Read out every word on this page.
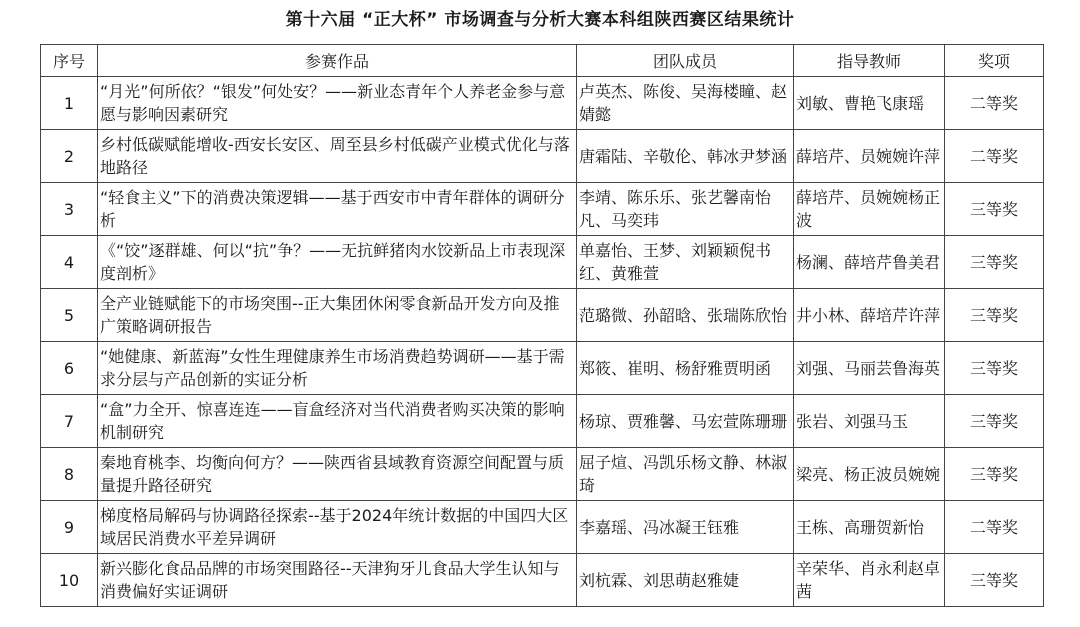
第十六届 “正大杯” 市场调查与分析大赛本科组陕西赛区结果统计
序号	参赛作品	团队成员	指导教师	奖项
1	“月光”何所依？“银发”何处安？——新业态青年个人养老金参与意愿与影响因素研究	卢英杰、陈俊、吴海楼瞳、赵婧懿	刘敏、曹艳飞康瑶	二等奖
2	乡村低碳赋能增收-西安长安区、周至县乡村低碳产业模式优化与落地路径	唐霜陆、辛敬伦、韩冰尹梦涵	薛培芹、员婉婉许萍	二等奖
3	“轻食主义”下的消费决策逻辑——基于西安市中青年群体的调研分析	李靖、陈乐乐、张艺馨南怡凡、马奕玮	薛培芹、员婉婉杨正波	三等奖
4	《“饺”逐群雄、何以“抗”争？——无抗鲜猪肉水饺新品上市表现深度剖析》	单嘉怡、王梦、刘颖颖倪书红、黄雅萱	杨澜、薛培芹鲁美君	三等奖
5	全产业链赋能下的市场突围--正大集团休闲零食新品开发方向及推广策略调研报告	范璐微、孙韶晗、张瑞陈欣怡	井小林、薛培芹许萍	三等奖
6	“她健康、新蓝海”女性生理健康养生市场消费趋势调研——基于需求分层与产品创新的实证分析	郑筱、崔明、杨舒雅贾明函	刘强、马丽芸鲁海英	三等奖
7	“盒”力全开、惊喜连连——盲盒经济对当代消费者购买决策的影响机制研究	杨琼、贾雅馨、马宏萱陈珊珊	张岩、刘强马玉	三等奖
8	秦地育桃李、均衡向何方？——陕西省县域教育资源空间配置与质量提升路径研究	屈子煊、冯凯乐杨文静、林淑琦	梁亮、杨正波员婉婉	三等奖
9	梯度格局解码与协调路径探索--基于2024年统计数据的中国四大区域居民消费水平差异调研	李嘉瑶、冯冰凝王钰雅	王栋、高珊贺新怡	二等奖
10	新兴膨化食品品牌的市场突围路径--天津狗牙儿食品大学生认知与消费偏好实证调研	刘杭霖、刘思萌赵雅婕	辛荣华、肖永利赵卓茜	三等奖
